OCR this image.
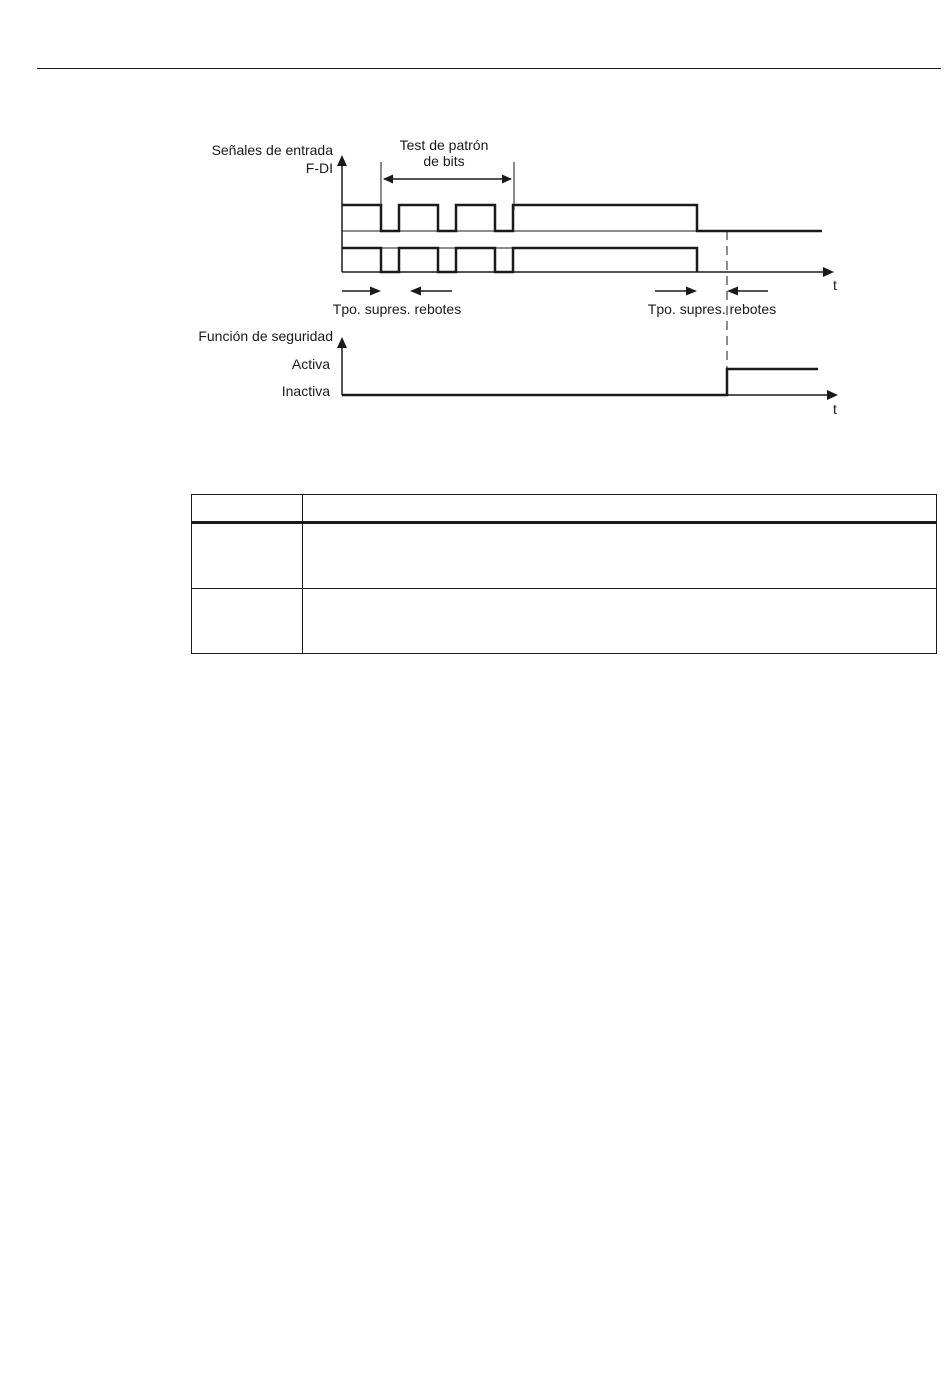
Señales de entrada
F-DI
Test de patrón
de bits
t
Tpo. supres. rebotes	Tpo. supres. rebotes
Función de seguridad
Activa
Inactiva
t
